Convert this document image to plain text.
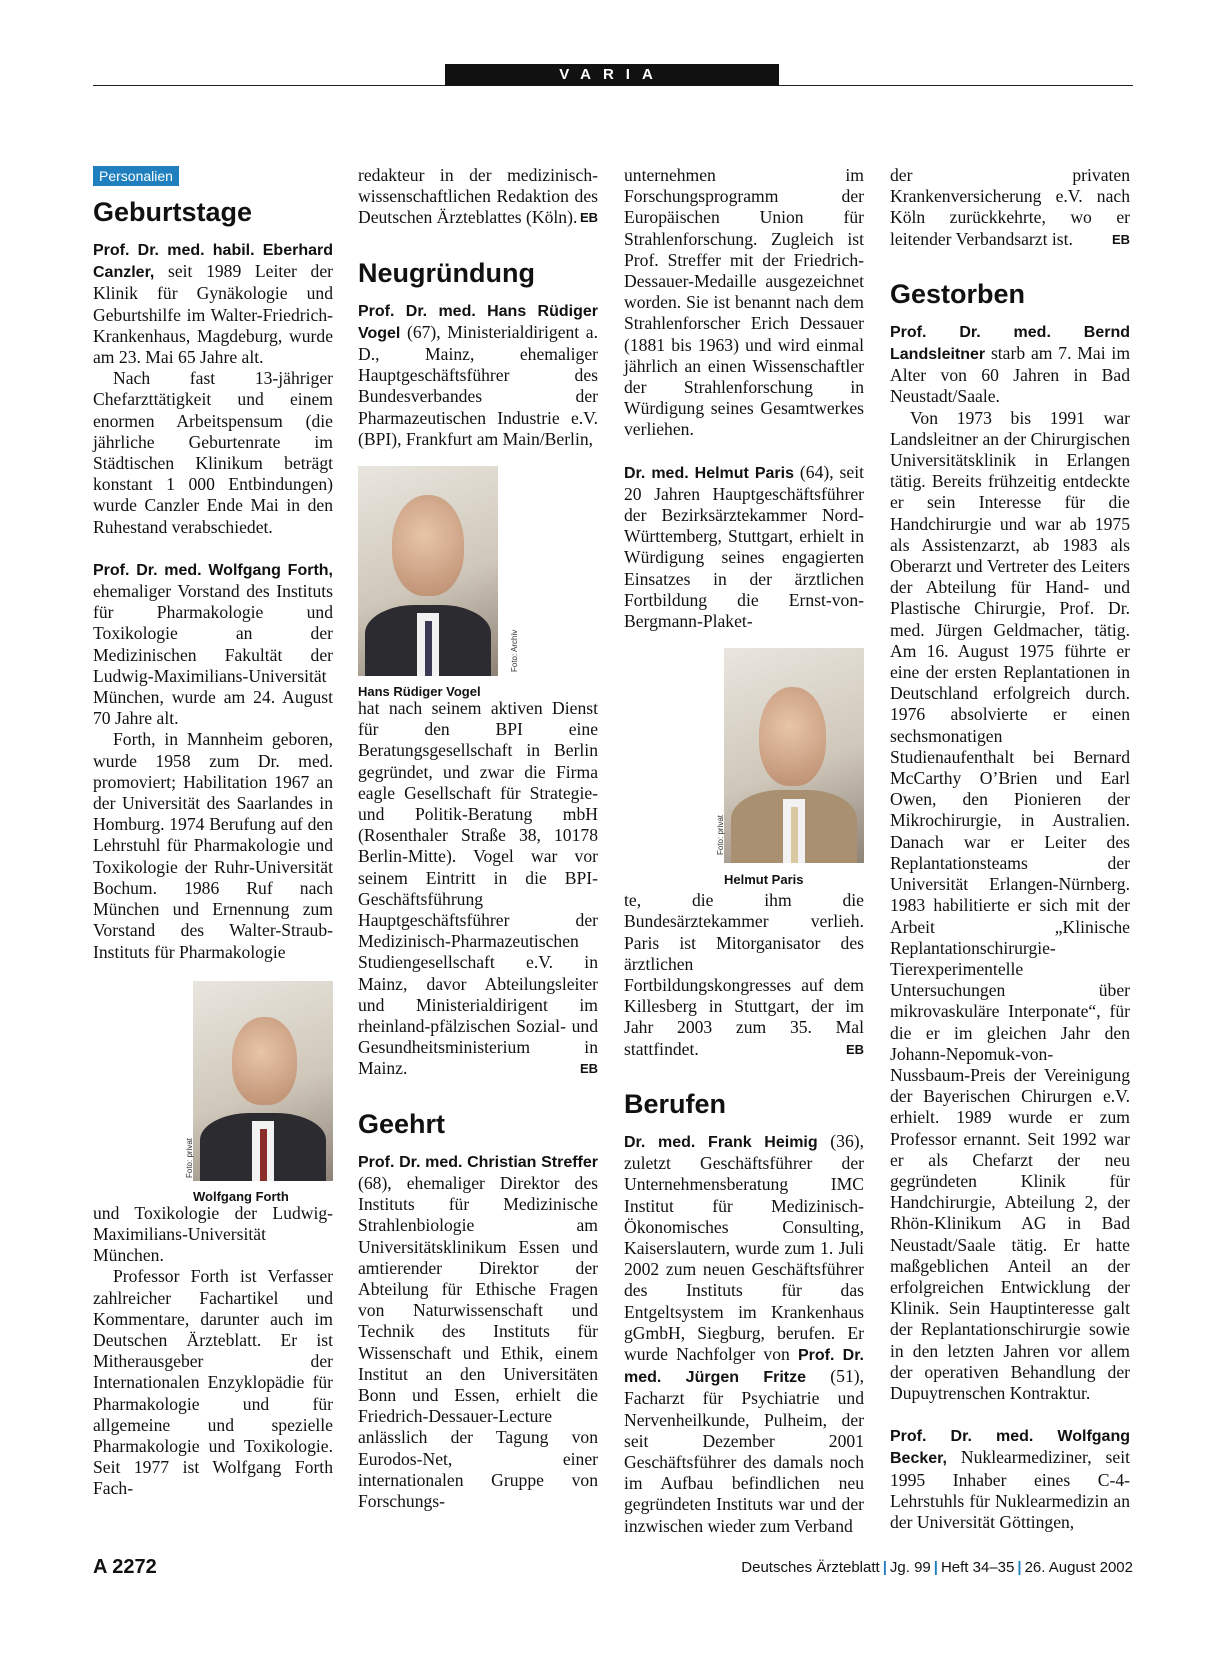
VARIA
Personalien
Geburtstage

Prof. Dr. med. habil. Eberhard Canzler, seit 1989 Leiter der Klinik für Gynäkologie und Geburtshilfe im Walter-Friedrich-Krankenhaus, Magdeburg, wurde am 23. Mai 65 Jahre alt.

Nach fast 13-jähriger Chefarzttätigkeit und einem enormen Arbeitspensum (die jährliche Geburtenrate im Städtischen Klinikum beträgt konstant 1 000 Entbindungen) wurde Canzler Ende Mai in den Ruhestand verabschiedet.

Prof. Dr. med. Wolfgang Forth, ehemaliger Vorstand des Instituts für Pharmakologie und Toxikologie an der Medizinischen Fakultät der Ludwig-Maximilians-Universität München, wurde am 24. August 70 Jahre alt.

Forth, in Mannheim geboren, wurde 1958 zum Dr. med. promoviert; Habilitation 1967 an der Universität des Saarlandes in Homburg. 1974 Berufung auf den Lehrstuhl für Pharmakologie und Toxikologie der Ruhr-Universität Bochum. 1986 Ruf nach München und Ernennung zum Vorstand des Walter-Straub-Instituts für Pharmakologie

Foto: privat
Wolfgang Forth

und Toxikologie der Ludwig-Maximilians-Universität München.

Professor Forth ist Verfasser zahlreicher Fachartikel und Kommentare, darunter auch im Deutschen Ärzteblatt. Er ist Mitherausgeber der Internationalen Enzyklopädie für Pharmakologie und für allgemeine und spezielle Pharmakologie und Toxikologie. Seit 1977 ist Wolfgang Forth Fach-

redakteur in der medizinisch-wissenschaftlichen Redaktion des Deutschen Ärzteblattes (Köln). EB

Neugründung

Prof. Dr. med. Hans Rüdiger Vogel (67), Ministerialdirigent a. D., Mainz, ehemaliger Hauptgeschäftsführer des Bundesverbandes der Pharmazeutischen Industrie e.V. (BPI), Frankfurt am Main/Berlin,

Foto: Archiv
Hans Rüdiger Vogel

hat nach seinem aktiven Dienst für den BPI eine Beratungsgesellschaft in Berlin gegründet, und zwar die Firma eagle Gesellschaft für Strategie- und Politik-Beratung mbH (Rosenthaler Straße 38, 10178 Berlin-Mitte). Vogel war vor seinem Eintritt in die BPI-Geschäftsführung Hauptgeschäftsführer der Medizinisch-Pharmazeutischen Studiengesellschaft e.V. in Mainz, davor Abteilungsleiter und Ministerialdirigent im rheinland-pfälzischen Sozial- und Gesundheitsministerium in Mainz.	EB

Geehrt

Prof. Dr. med. Christian Streffer (68), ehemaliger Direktor des Instituts für Medizinische Strahlenbiologie am Universitätsklinikum Essen und amtierender Direktor der Abteilung für Ethische Fragen von Naturwissenschaft und Technik des Instituts für Wissenschaft und Ethik, einem Institut an den Universitäten Bonn und Essen, erhielt die Friedrich-Dessauer-Lecture anlässlich der Tagung von Eurodos-Net, einer internationalen Gruppe von Forschungs-

unternehmen im Forschungsprogramm der Europäischen Union für Strahlenforschung. Zugleich ist Prof. Streffer mit der Friedrich-Dessauer-Medaille ausgezeichnet worden. Sie ist benannt nach dem Strahlenforscher Erich Dessauer (1881 bis 1963) und wird einmal jährlich an einen Wissenschaftler der Strahlenforschung in Würdigung seines Gesamtwerkes verliehen.

Dr. med. Helmut Paris (64), seit 20 Jahren Hauptgeschäftsführer der Bezirksärztekammer Nord-Württemberg, Stuttgart, erhielt in Würdigung seines engagierten Einsatzes in der ärztlichen Fortbildung die Ernst-von-Bergmann-Plaket-

Foto: privat
Helmut Paris

te, die ihm die Bundesärztekammer verlieh. Paris ist Mitorganisator des ärztlichen Fortbildungskongresses auf dem Killesberg in Stuttgart, der im Jahr 2003 zum 35. Mal stattfindet.	EB

Berufen

Dr. med. Frank Heimig (36), zuletzt Geschäftsführer der Unternehmensberatung IMC Institut für Medizinisch-Ökonomisches Consulting, Kaiserslautern, wurde zum 1. Juli 2002 zum neuen Geschäftsführer des Instituts für das Entgeltsystem im Krankenhaus gGmbH, Siegburg, berufen. Er wurde Nachfolger von Prof. Dr. med. Jürgen Fritze (51), Facharzt für Psychiatrie und Nervenheilkunde, Pulheim, der seit Dezember 2001 Geschäftsführer des damals noch im Aufbau befindlichen neu gegründeten Instituts war und der inzwischen wieder zum Verband

der privaten Krankenversicherung e.V. nach Köln zurückkehrte, wo er leitender Verbandsarzt ist.	EB

Gestorben

Prof. Dr. med. Bernd Landsleitner starb am 7. Mai im Alter von 60 Jahren in Bad Neustadt/Saale.

Von 1973 bis 1991 war Landsleitner an der Chirurgischen Universitätsklinik in Erlangen tätig. Bereits frühzeitig entdeckte er sein Interesse für die Handchirurgie und war ab 1975 als Assistenzarzt, ab 1983 als Oberarzt und Vertreter des Leiters der Abteilung für Hand- und Plastische Chirurgie, Prof. Dr. med. Jürgen Geldmacher, tätig. Am 16. August 1975 führte er eine der ersten Replantationen in Deutschland erfolgreich durch. 1976 absolvierte er einen sechsmonatigen Studienaufenthalt bei Bernard McCarthy O’Brien und Earl Owen, den Pionieren der Mikrochirurgie, in Australien. Danach war er Leiter des Replantationsteams der Universität Erlangen-Nürnberg. 1983 habilitierte er sich mit der Arbeit „Klinische Replantationschirurgie-Tierexperimentelle Untersuchungen über mikrovaskuläre Interponate“, für die er im gleichen Jahr den Johann-Nepomuk-von-Nussbaum-Preis der Vereinigung der Bayerischen Chirurgen e.V. erhielt. 1989 wurde er zum Professor ernannt. Seit 1992 war er als Chefarzt der neu gegründeten Klinik für Handchirurgie, Abteilung 2, der Rhön-Klinikum AG in Bad Neustadt/Saale tätig. Er hatte maßgeblichen Anteil an der erfolgreichen Entwicklung der Klinik. Sein Hauptinteresse galt der Replantationschirurgie sowie in den letzten Jahren vor allem der operativen Behandlung der Dupuytrenschen Kontraktur.

Prof. Dr. med. Wolfgang Becker, Nuklearmediziner, seit 1995 Inhaber eines C-4-Lehrstuhls für Nuklearmedizin an der Universität Göttingen,

A 2272	Deutsches Ärzteblatt | Jg. 99 | Heft 34–35 | 26. August 2002
